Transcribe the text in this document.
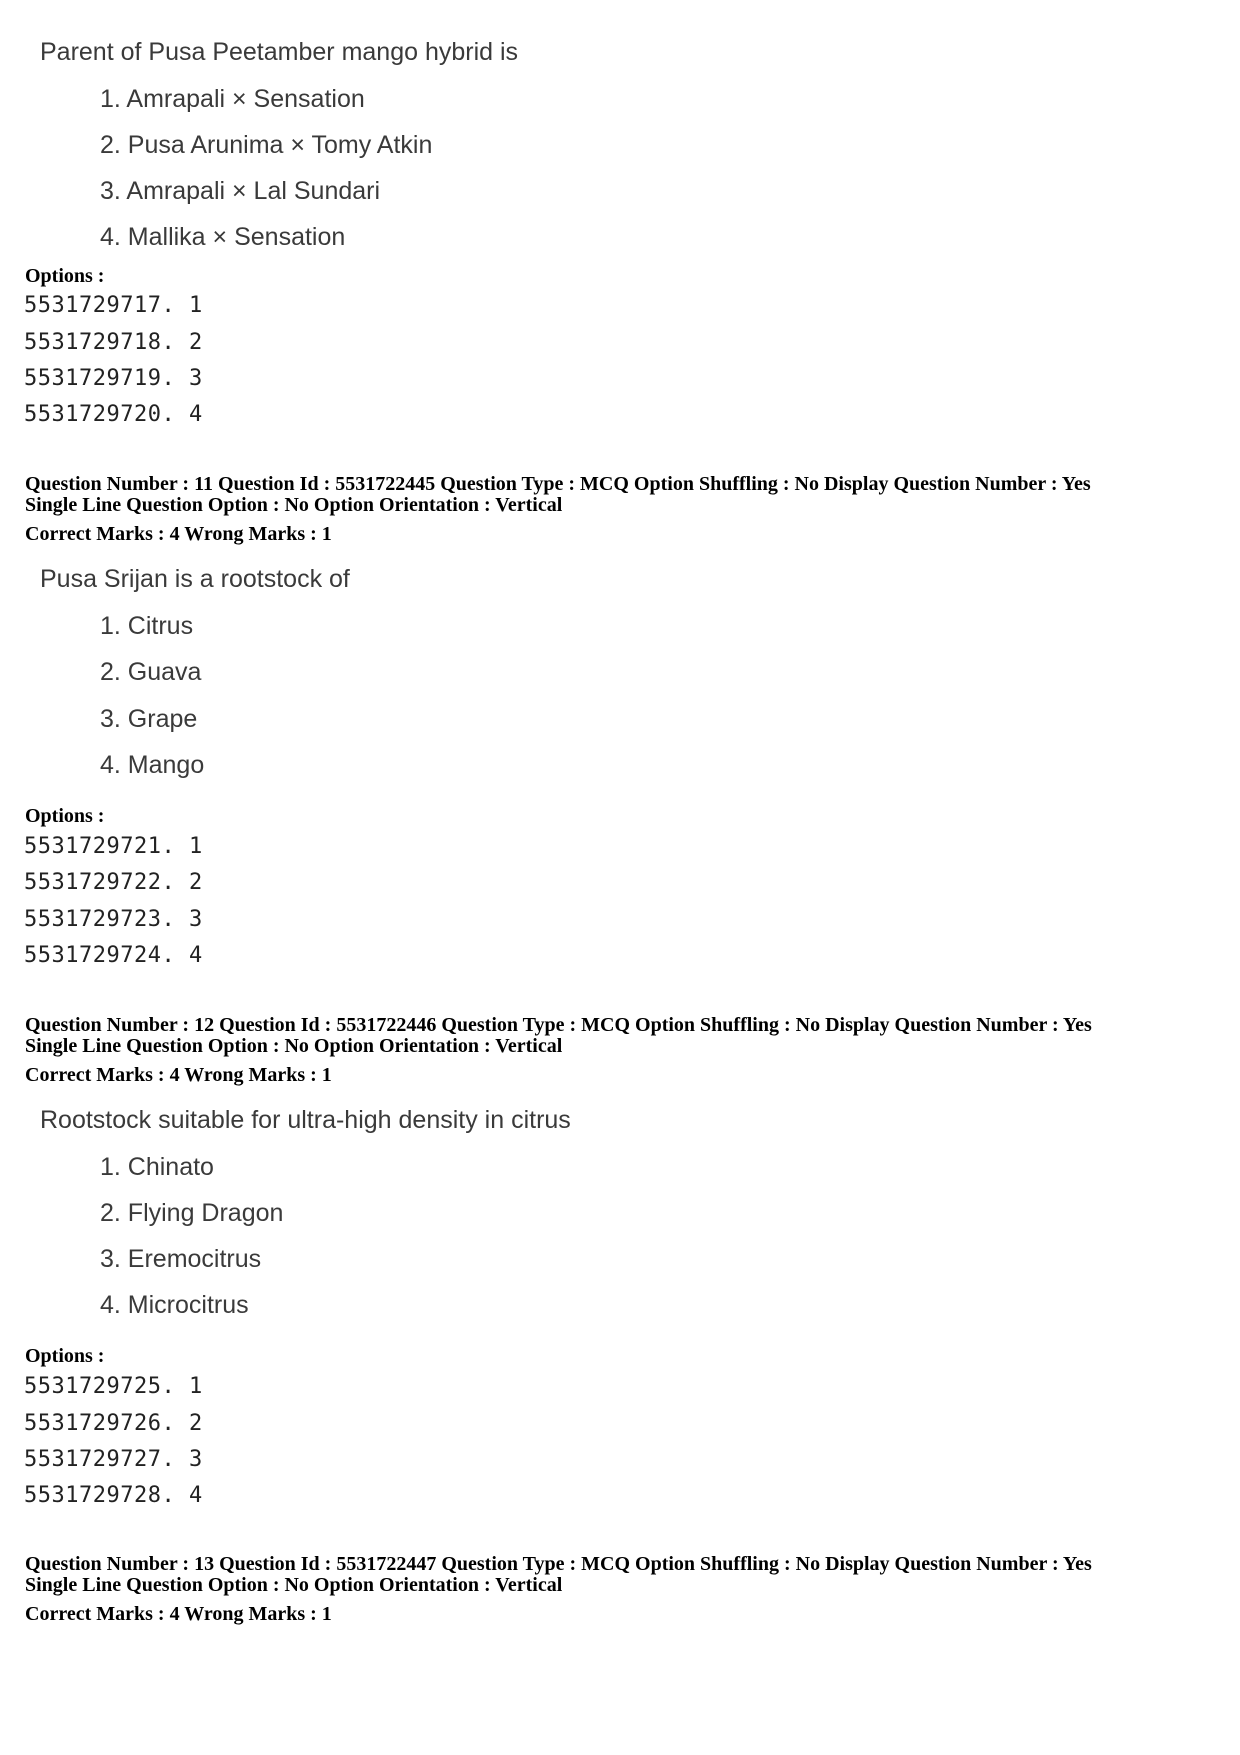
Parent of Pusa Peetamber mango hybrid is
1. Amrapali × Sensation
2. Pusa Arunima × Tomy Atkin
3. Amrapali × Lal Sundari
4. Mallika × Sensation
Options :
5531729717. 1
5531729718. 2
5531729719. 3
5531729720. 4
Question Number : 11 Question Id : 5531722445 Question Type : MCQ Option Shuffling : No Display Question Number : Yes
Single Line Question Option : No Option Orientation : Vertical
Correct Marks : 4 Wrong Marks : 1
Pusa Srijan is a rootstock of
1. Citrus
2. Guava
3. Grape
4. Mango
Options :
5531729721. 1
5531729722. 2
5531729723. 3
5531729724. 4
Question Number : 12 Question Id : 5531722446 Question Type : MCQ Option Shuffling : No Display Question Number : Yes
Single Line Question Option : No Option Orientation : Vertical
Correct Marks : 4 Wrong Marks : 1
Rootstock suitable for ultra-high density in citrus
1. Chinato
2. Flying Dragon
3. Eremocitrus
4. Microcitrus
Options :
5531729725. 1
5531729726. 2
5531729727. 3
5531729728. 4
Question Number : 13 Question Id : 5531722447 Question Type : MCQ Option Shuffling : No Display Question Number : Yes
Single Line Question Option : No Option Orientation : Vertical
Correct Marks : 4 Wrong Marks : 1
